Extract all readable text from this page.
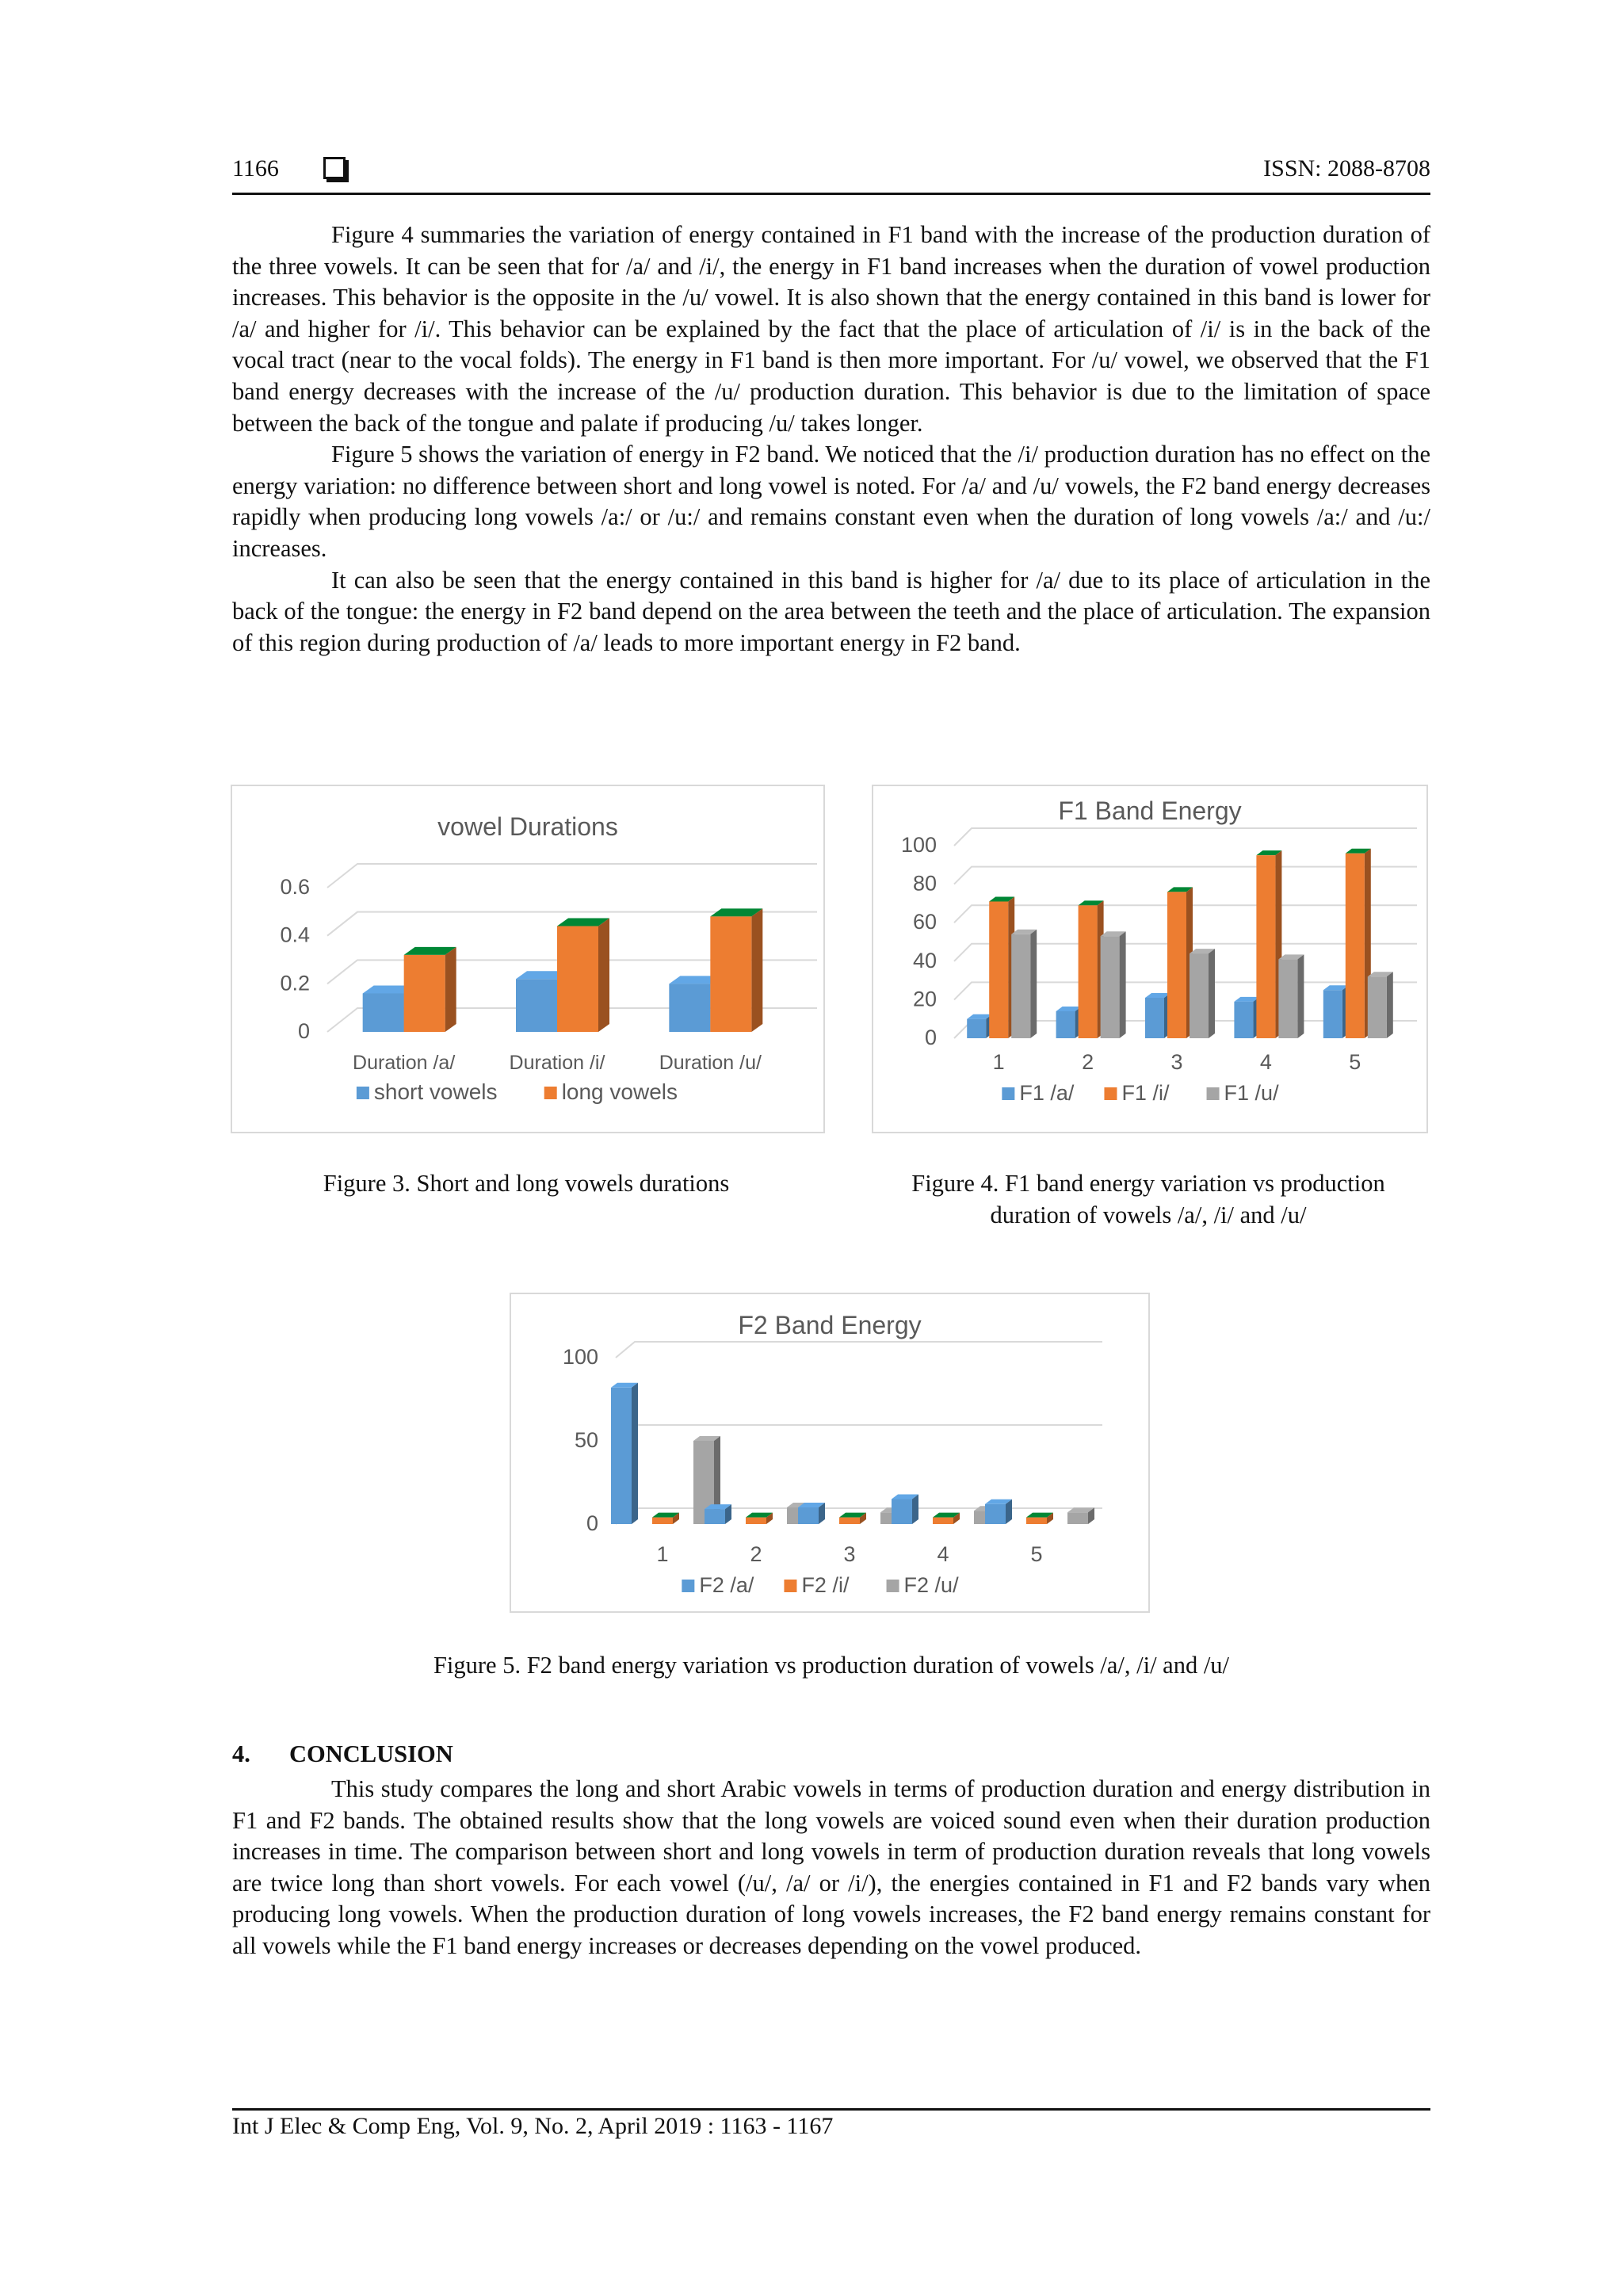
1166	ISSN: 2088-8708

Figure 4 summaries the variation of energy contained in F1 band with the increase of the production duration of the three vowels. It can be seen that for /a/ and /i/, the energy in F1 band increases when the duration of vowel production increases. This behavior is the opposite in the /u/ vowel. It is also shown that the energy contained in this band is lower for /a/ and higher for /i/. This behavior can be explained by the fact that the place of articulation of /i/ is in the back of the vocal tract (near to the vocal folds). The energy in F1 band is then more important. For /u/ vowel, we observed that the F1 band energy decreases with the increase of the /u/ production duration. This behavior is due to the limitation of space between the back of the tongue and palate if producing /u/ takes longer.

Figure 5 shows the variation of energy in F2 band. We noticed that the /i/ production duration has no effect on the energy variation: no difference between short and long vowel is noted. For /a/ and /u/ vowels, the F2 band energy decreases rapidly when producing long vowels /a:/ or /u:/ and remains constant even when the duration of long vowels /a:/ and /u:/ increases.

It can also be seen that the energy contained in this band is higher for /a/ due to its place of articulation in the back of the tongue: the energy in F2 band depend on the area between the teeth and the place of articulation. The expansion of this region during production of /a/ leads to more important energy in F2 band.

vowel Durations
0
0.2
0.4
0.6
Duration /a/	Duration /i/	Duration /u/
short vowels	long vowels
F1 Band Energy
0
20
40
60
80
100
1	2	3	4	5
F1 /a/ F1 /i/	F1 /u/
Figure 3. Short and long vowels durations	Figure 4. F1 band energy variation vs production duration of vowels /a/, /i/ and /u/
F2 Band Energy
0
50
100
1	2	3	4	5
F2 /a/ F2 /i/	F2 /u/
Figure 5. F2 band energy variation vs production duration of vowels /a/, /i/ and /u/
4. CONCLUSION

This study compares the long and short Arabic vowels in terms of production duration and energy distribution in F1 and F2 bands. The obtained results show that the long vowels are voiced sound even when their duration production increases in time. The comparison between short and long vowels in term of production duration reveals that long vowels are twice long than short vowels. For each vowel (/u/, /a/ or /i/), the energies contained in F1 and F2 bands vary when producing long vowels. When the production duration of long vowels increases, the F2 band energy remains constant for all vowels while the F1 band energy increases or decreases depending on the vowel produced.

Int J Elec & Comp Eng, Vol. 9, No. 2, April 2019 : 1163 - 1167
